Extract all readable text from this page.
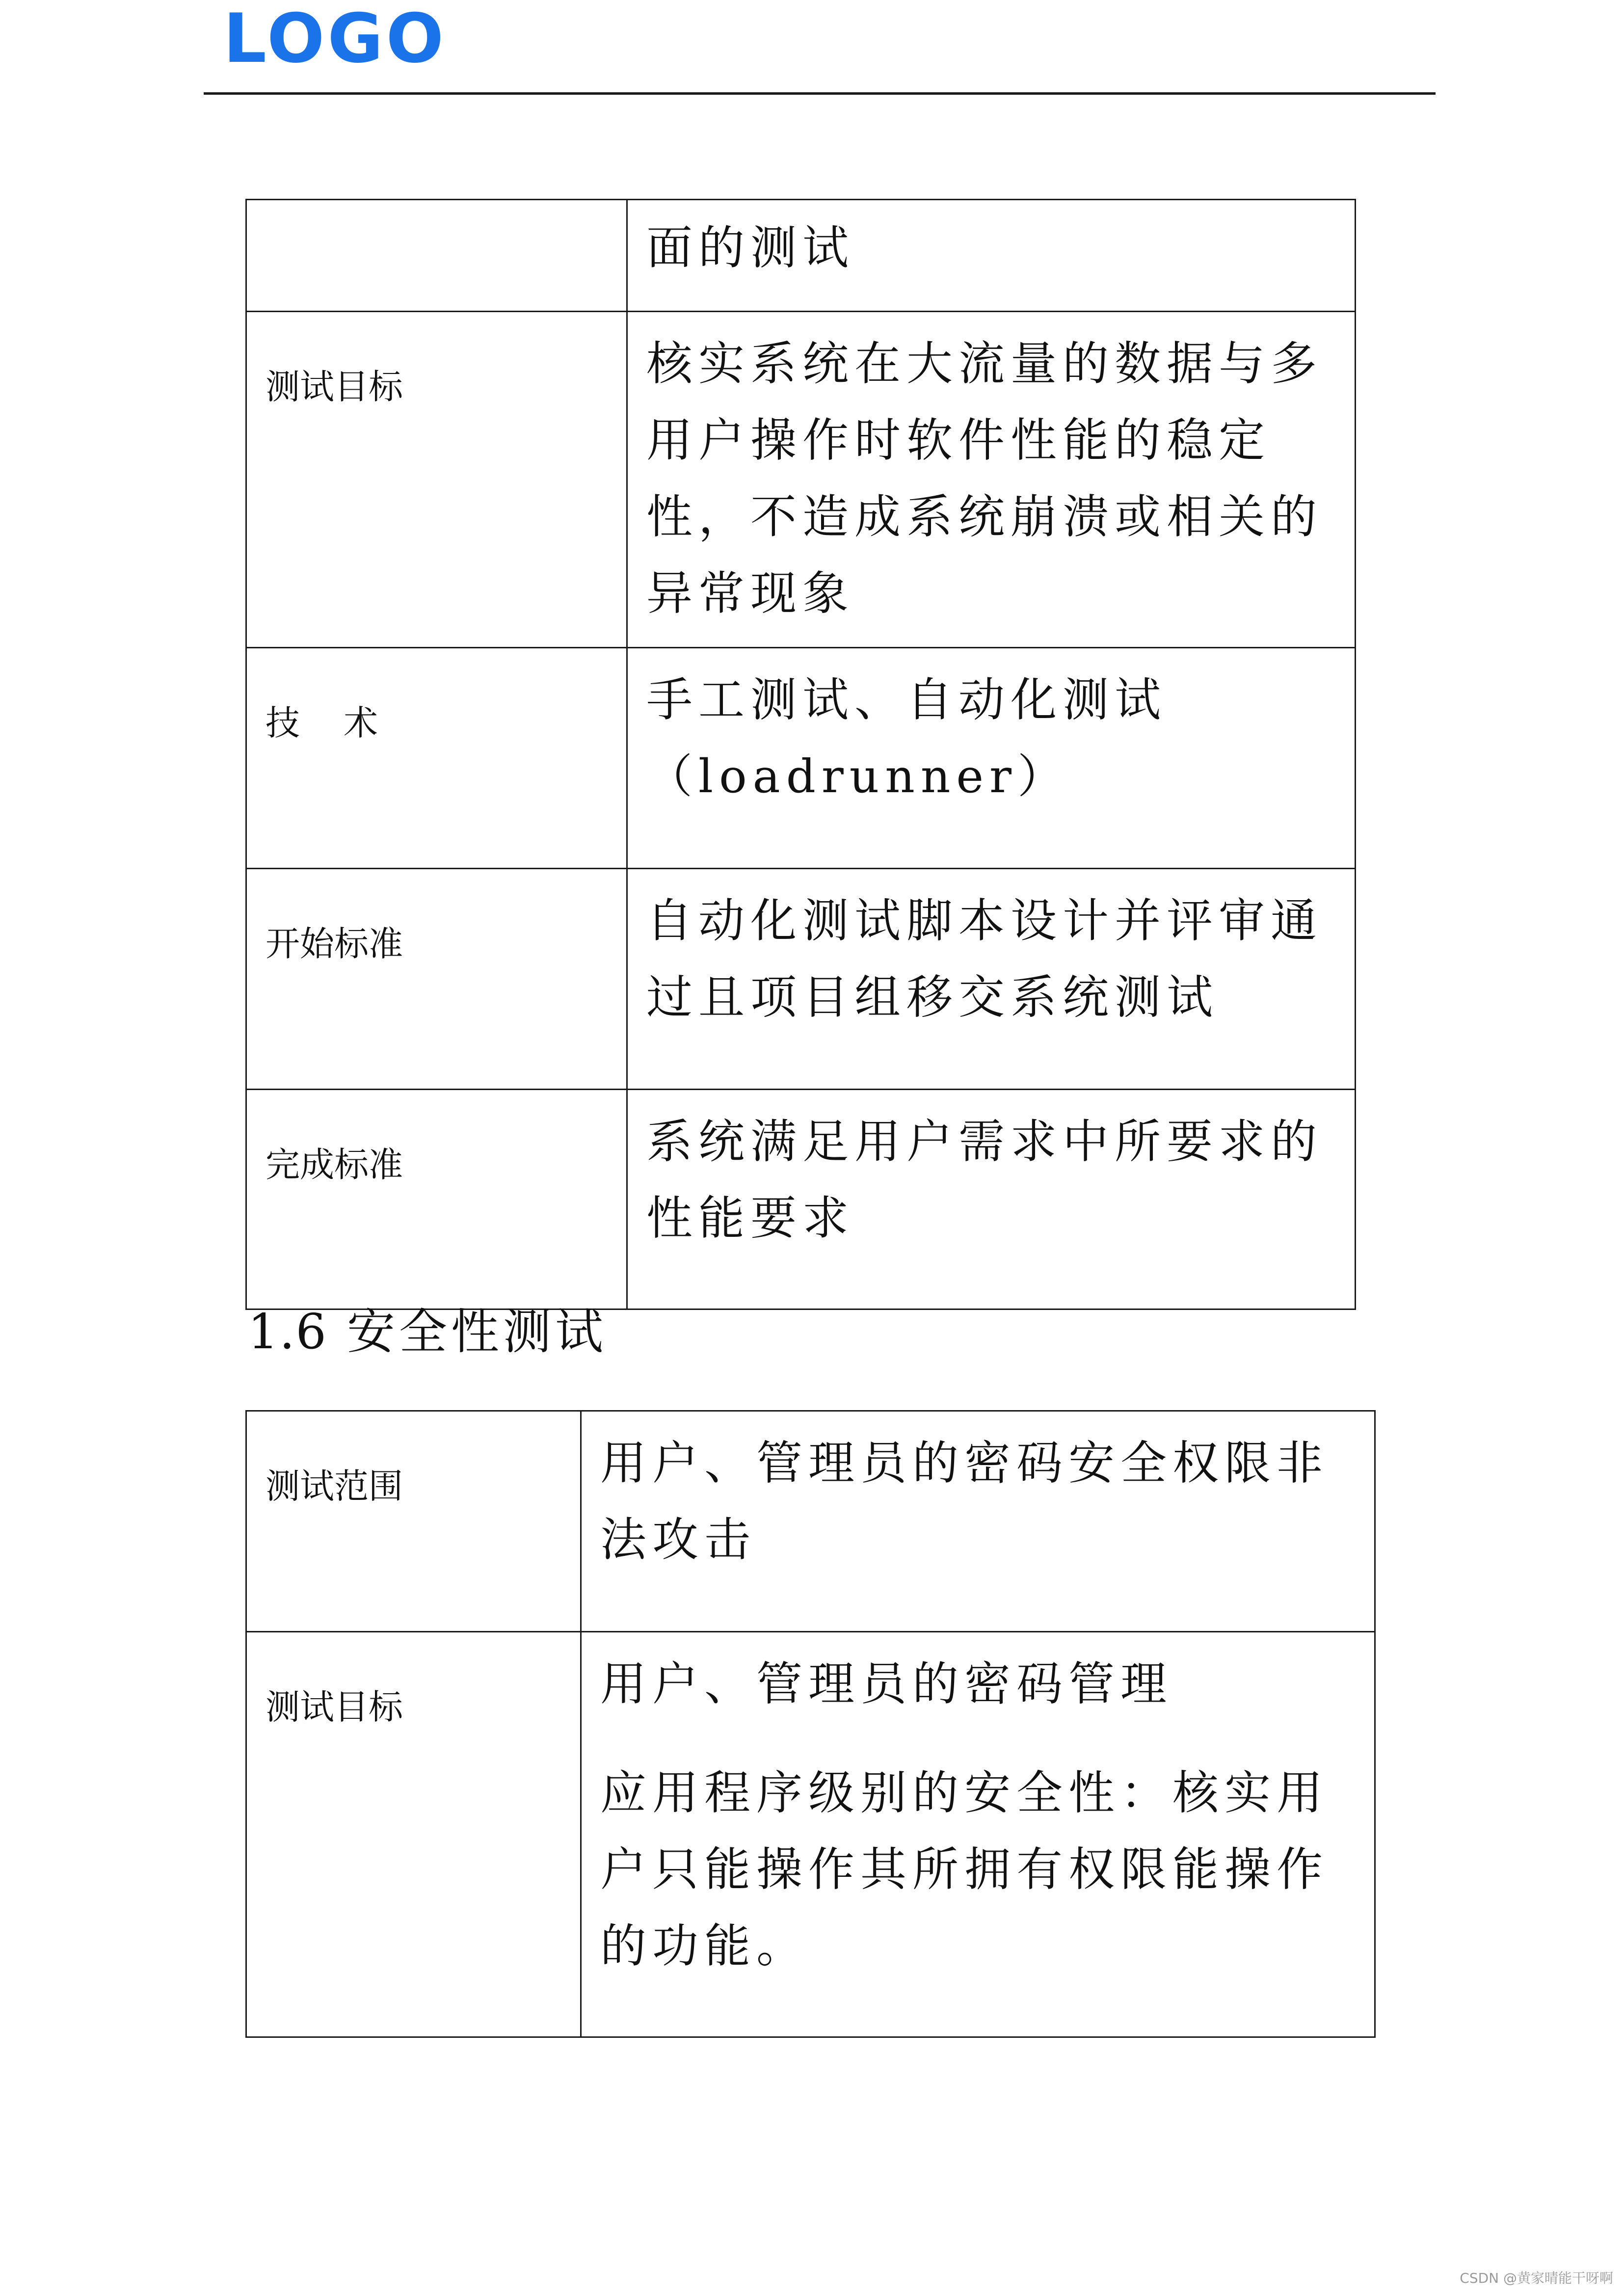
LOGO

	面的测试

测试目标	核实系统在大流量的数据与多用户操作时软件性能的稳定性，不造成系统崩溃或相关的异常现象

技    术	手工测试、自动化测试（loadrunner）

开始标准	自动化测试脚本设计并评审通过且项目组移交系统测试

完成标准	系统满足用户需求中所要求的性能要求

1.6 安全性测试
测试范围	用户、管理员的密码安全权限非法攻击

测试目标	用户、管理员的密码管理

应用程序级别的安全性：核实用户只能操作其所拥有权限能操作的功能。

CSDN @黄家晴能干呀啊
